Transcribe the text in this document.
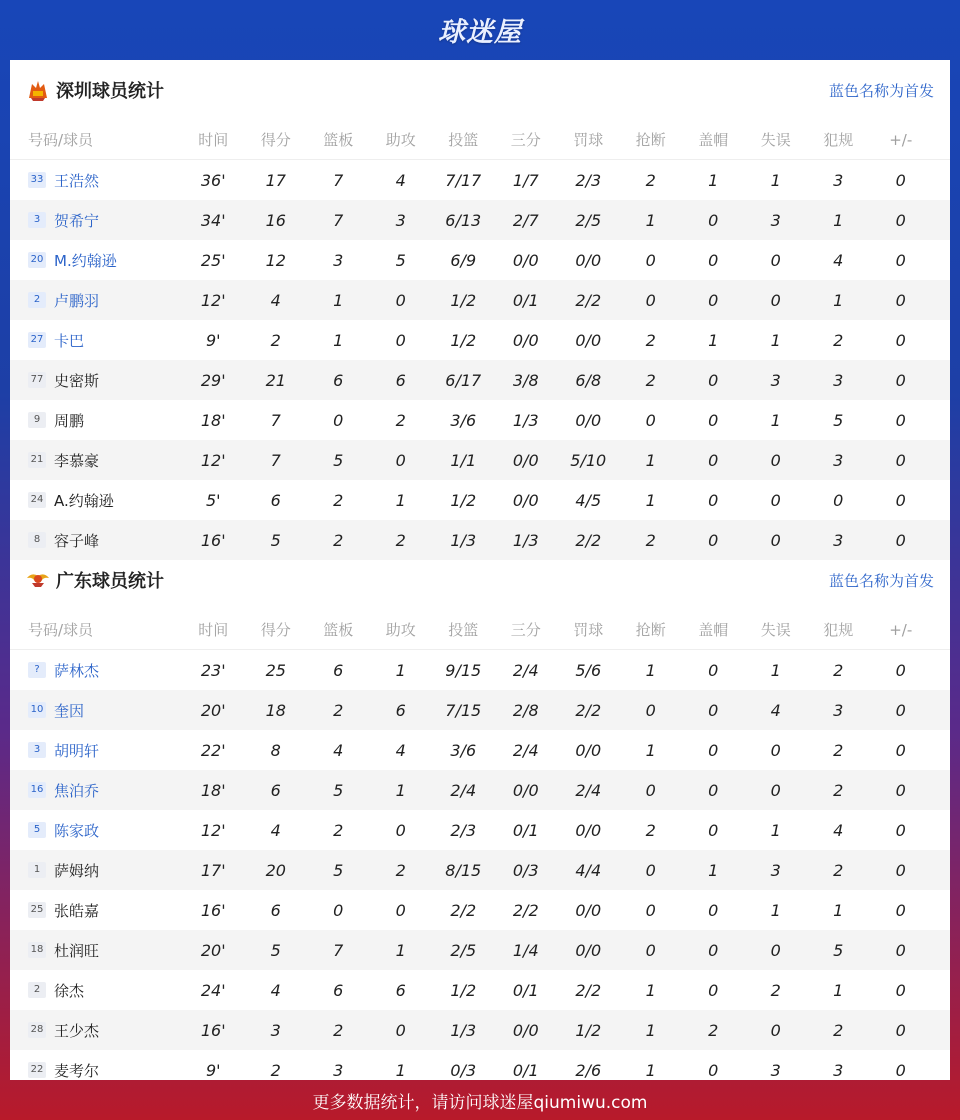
球迷屋
深圳球员统计	蓝色名称为首发
号码/球员	时间	得分	篮板	助攻	投篮	三分	罚球	抢断	盖帽	失误	犯规	+/-
33 王浩然	36'	17	7	4	7/17	1/7	2/3	2	1	1	3	0
3 贺希宁	34'	16	7	3	6/13	2/7	2/5	1	0	3	1	0
20 M.约翰逊	25'	12	3	5	6/9	0/0	0/0	0	0	0	4	0
2 卢鹏羽	12'	4	1	0	1/2	0/1	2/2	0	0	0	1	0
27 卡巴	9'	2	1	0	1/2	0/0	0/0	2	1	1	2	0
77 史密斯	29'	21	6	6	6/17	3/8	6/8	2	0	3	3	0
9 周鹏	18'	7	0	2	3/6	1/3	0/0	0	0	1	5	0
21 李慕豪	12'	7	5	0	1/1	0/0	5/10	1	0	0	3	0
24 A.约翰逊	5'	6	2	1	1/2	0/0	4/5	1	0	0	0	0
8 容子峰	16'	5	2	2	1/3	1/3	2/2	2	0	0	3	0
广东球员统计	蓝色名称为首发
号码/球员	时间	得分	篮板	助攻	投篮	三分	罚球	抢断	盖帽	失误	犯规	+/-
? 萨林杰	23'	25	6	1	9/15	2/4	5/6	1	0	1	2	0
10 奎因	20'	18	2	6	7/15	2/8	2/2	0	0	4	3	0
3 胡明轩	22'	8	4	4	3/6	2/4	0/0	1	0	0	2	0
16 焦泊乔	18'	6	5	1	2/4	0/0	2/4	0	0	0	2	0
5 陈家政	12'	4	2	0	2/3	0/1	0/0	2	0	1	4	0
1 萨姆纳	17'	20	5	2	8/15	0/3	4/4	0	1	3	2	0
25 张皓嘉	16'	6	0	0	2/2	2/2	0/0	0	0	1	1	0
18 杜润旺	20'	5	7	1	2/5	1/4	0/0	0	0	0	5	0
2 徐杰	24'	4	6	6	1/2	0/1	2/2	1	0	2	1	0
28 王少杰	16'	3	2	0	1/3	0/0	1/2	1	2	0	2	0
22 麦考尔	9'	2	3	1	0/3	0/1	2/6	1	0	3	3	0
更多数据统计，请访问球迷屋qiumiwu.com
